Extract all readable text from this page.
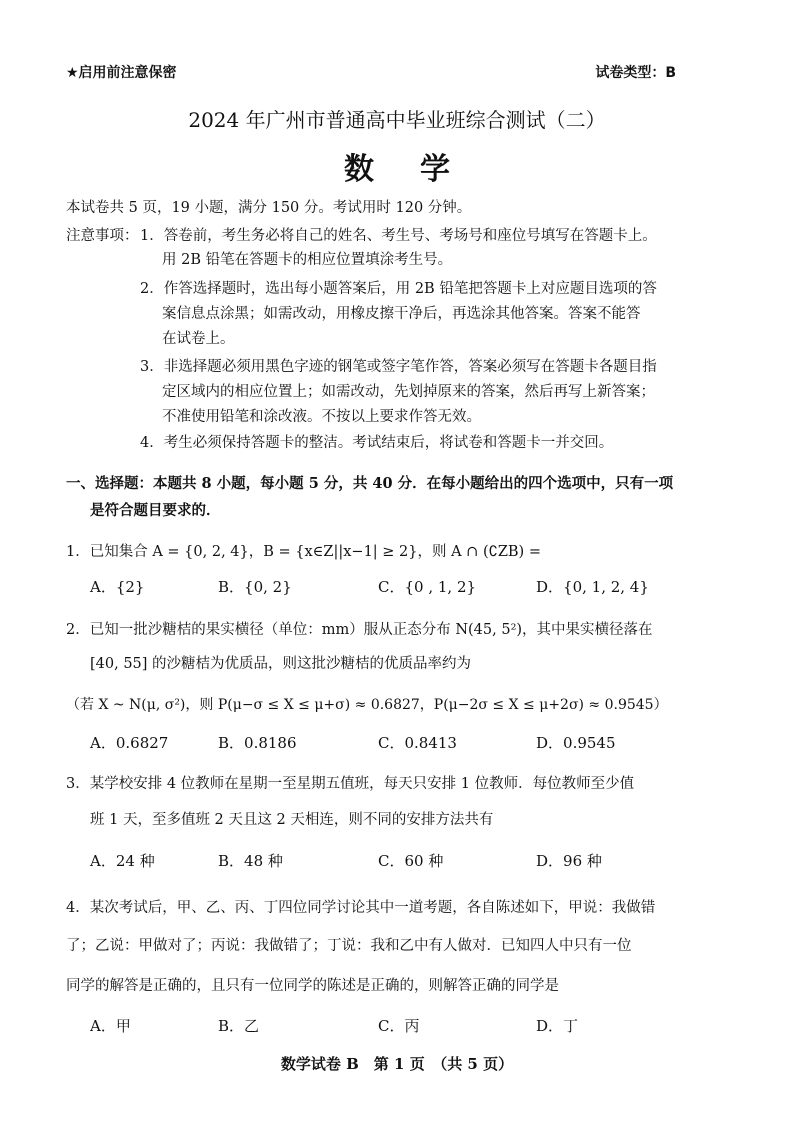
★启用前注意保密	试卷类型：B
2024 年广州市普通高中毕业班综合测试（二）
数学
本试卷共 5 页，19 小题，满分 150 分。考试用时 120 分钟。
注意事项： 1．答卷前，考生务必将自己的姓名、考生号、考场号和座位号填写在答题卡上。
用 2B 铅笔在答题卡的相应位置填涂考生号。
2．作答选择题时，选出每小题答案后，用 2B 铅笔把答题卡上对应题目选项的答
案信息点涂黑；如需改动，用橡皮擦干净后，再选涂其他答案。答案不能答
在试卷上。
3．非选择题必须用黑色字迹的钢笔或签字笔作答，答案必须写在答题卡各题目指
定区域内的相应位置上；如需改动，先划掉原来的答案，然后再写上新答案；
不准使用铅笔和涂改液。不按以上要求作答无效。
4．考生必须保持答题卡的整洁。考试结束后，将试卷和答题卡一并交回。
一、选择题：本题共 8 小题，每小题 5 分，共 40 分．在每小题给出的四个选项中，只有一项
是符合题目要求的．
1．已知集合 A = {0, 2, 4}，B = {x∈Z||x−1| ≥ 2}，则 A ∩ (∁ZB) =
A．{2}	B．{0, 2}	C．{0 , 1, 2}	D．{0, 1, 2, 4}
2．已知一批沙糖桔的果实横径（单位：mm）服从正态分布 N(45, 5²)，其中果实横径落在
[40, 55] 的沙糖桔为优质品，则这批沙糖桔的优质品率约为
（若 X ~ N(μ, σ²)，则 P(μ−σ ≤ X ≤ μ+σ) ≈ 0.6827，P(μ−2σ ≤ X ≤ μ+2σ) ≈ 0.9545）
A．0.6827	B．0.8186	C．0.8413	D．0.9545
3．某学校安排 4 位教师在星期一至星期五值班，每天只安排 1 位教师．每位教师至少值
班 1 天，至多值班 2 天且这 2 天相连，则不同的安排方法共有
A．24 种	B．48 种	C．60 种	D．96 种
4．某次考试后，甲、乙、丙、丁四位同学讨论其中一道考题，各自陈述如下，甲说：我做错
了；乙说：甲做对了；丙说：我做错了；丁说：我和乙中有人做对．已知四人中只有一位
同学的解答是正确的，且只有一位同学的陈述是正确的，则解答正确的同学是
A．甲	B．乙	C．丙	D．丁
数学试卷 B　第 1 页　（共 5 页）
